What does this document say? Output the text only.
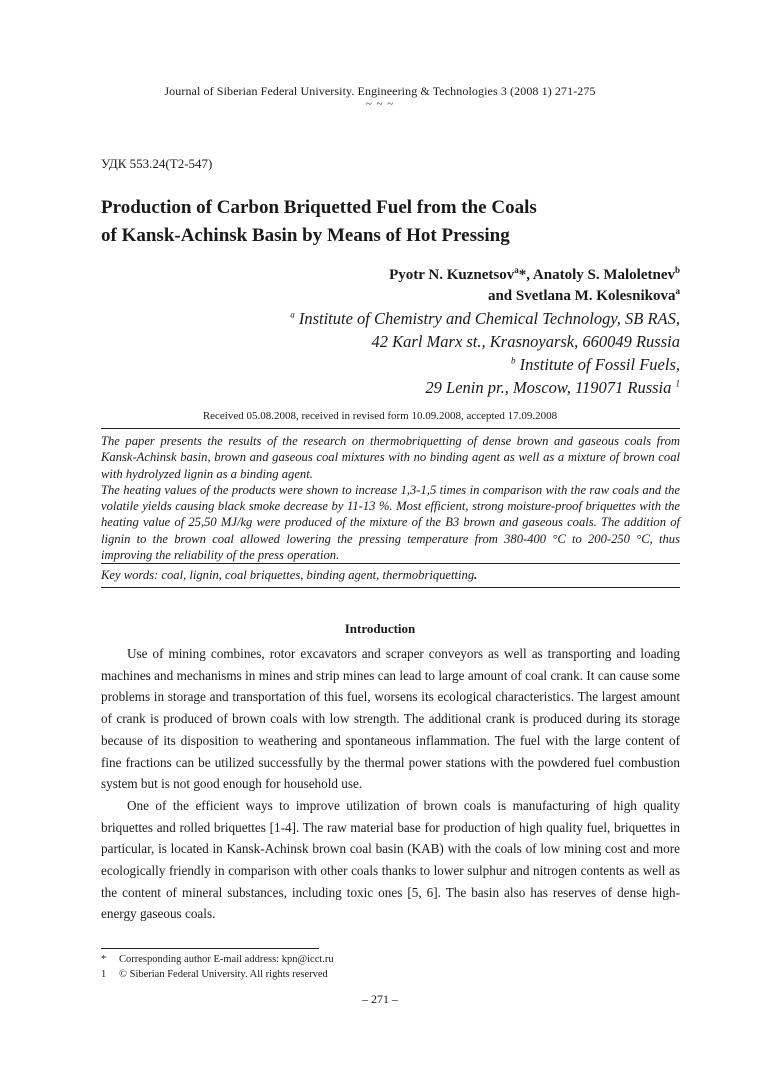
Journal of Siberian Federal University. Engineering & Technologies 3 (2008 1) 271-275
~ ~ ~
УДК 553.24(Т2-547)
Production of Carbon Briquetted Fuel from the Coals
of Kansk-Achinsk Basin by Means of Hot Pressing
Pyotr N. Kuznetsov$^a$*, Anatoly S. Maloletnev$^b$
and Svetlana M. Kolesnikova$^a$
$^a$ Institute of Chemistry and Chemical Technology, SB RAS,
42 Karl Marx st., Krasnoyarsk, 660049 Russia
$^b$ Institute of Fossil Fuels,
29 Lenin pr., Moscow, 119071 Russia $^1$
Received 05.08.2008, received in revised form 10.09.2008, accepted 17.09.2008

The paper presents the results of the research on thermobriquetting of dense brown and gaseous coals from Kansk-Achinsk basin, brown and gaseous coal mixtures with no binding agent as well as a mixture of brown coal with hydrolyzed lignin as a binding agent.

The heating values of the products were shown to increase 1,3-1,5 times in comparison with the raw coals and the volatile yields causing black smoke decrease by 11-13 %. Most efficient, strong moisture-proof briquettes with the heating value of 25,50 MJ/kg were produced of the mixture of the B3 brown and gaseous coals. The addition of lignin to the brown coal allowed lowering the pressing temperature from 380-400 °C to 200-250 °C, thus improving the reliability of the press operation.

Key words: coal, lignin, coal briquettes, binding agent, thermobriquetting.

Introduction

Use of mining combines, rotor excavators and scraper conveyors as well as transporting and loading machines and mechanisms in mines and strip mines can lead to large amount of coal crank. It can cause some problems in storage and transportation of this fuel, worsens its ecological characteristics. The largest amount of crank is produced of brown coals with low strength. The additional crank is produced during its storage because of its disposition to weathering and spontaneous inflammation. The fuel with the large content of fine fractions can be utilized successfully by the thermal power stations with the powdered fuel combustion system but is not good enough for household use.

One of the efficient ways to improve utilization of brown coals is manufacturing of high quality briquettes and rolled briquettes [1-4]. The raw material base for production of high quality fuel, briquettes in particular, is located in Kansk-Achinsk brown coal basin (KAB) with the coals of low mining cost and more ecologically friendly in comparison with other coals thanks to lower sulphur and nitrogen contents as well as the content of mineral substances, including toxic ones [5, 6]. The basin also has reserves of dense high-energy gaseous coals.

* Corresponding author E-mail address: kpn@icct.ru
1 © Siberian Federal University. All rights reserved
– 271 –
